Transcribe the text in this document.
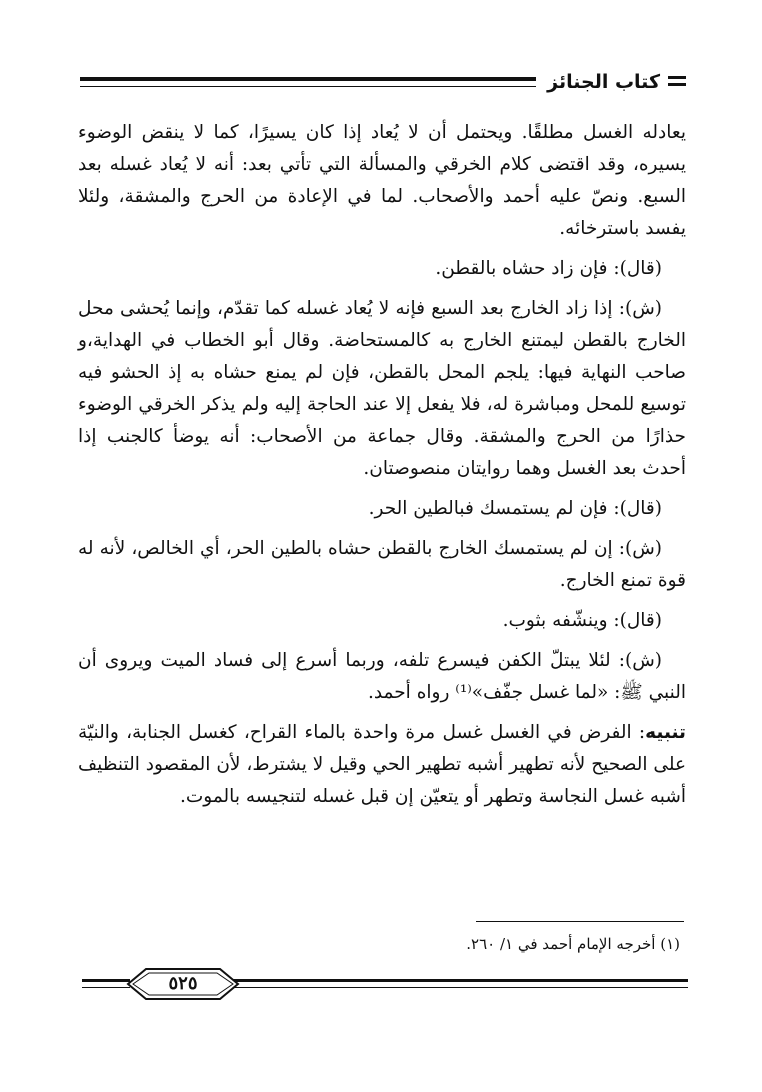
كتاب الجنائز

يعادله الغسل مطلقًا. ويحتمل أن لا يُعاد إذا كان يسيرًا، كما لا ينقض الوضوء يسيره، وقد اقتضى كلام الخرقي والمسألة التي تأتي بعد: أنه لا يُعاد غسله بعد السبع. ونصّ عليه أحمد والأصحاب. لما في الإعادة من الحرج والمشقة، ولئلا يفسد باسترخائه.

(قال): فإن زاد حشاه بالقطن.

(ش): إذا زاد الخارج بعد السبع فإنه لا يُعاد غسله كما تقدّم، وإنما يُحشى محل الخارج بالقطن ليمتنع الخارج به كالمستحاضة. وقال أبو الخطاب في الهداية،و صاحب النهاية فيها: يلجم المحل بالقطن، فإن لم يمنع حشاه به إذ الحشو فيه توسيع للمحل ومباشرة له، فلا يفعل إلا عند الحاجة إليه ولم يذكر الخرقي الوضوء حذارًا من الحرج والمشقة. وقال جماعة من الأصحاب: أنه يوضأ كالجنب إذا أحدث بعد الغسل وهما روايتان منصوصتان.

(قال): فإن لم يستمسك فبالطين الحر.

(ش): إن لم يستمسك الخارج بالقطن حشاه بالطين الحر، أي الخالص، لأنه له قوة تمنع الخارج.

(قال): وينشّفه بثوب.

(ش): لئلا يبتلّ الكفن فيسرع تلفه، وربما أسرع إلى فساد الميت ويروى أن النبي ﷺ: «لما غسل جفّف»⁽¹⁾ رواه أحمد.

تنبيه: الفرض في الغسل غسل مرة واحدة بالماء القراح، كغسل الجنابة، والنيّة على الصحيح لأنه تطهير أشبه تطهير الحي وقيل لا يشترط، لأن المقصود التنظيف أشبه غسل النجاسة وتطهر أو يتعيّن إن قبل غسله لتنجيسه بالموت.

(١) أخرجه الإمام أحمد في ١/ ٢٦٠.
٥٢٥
